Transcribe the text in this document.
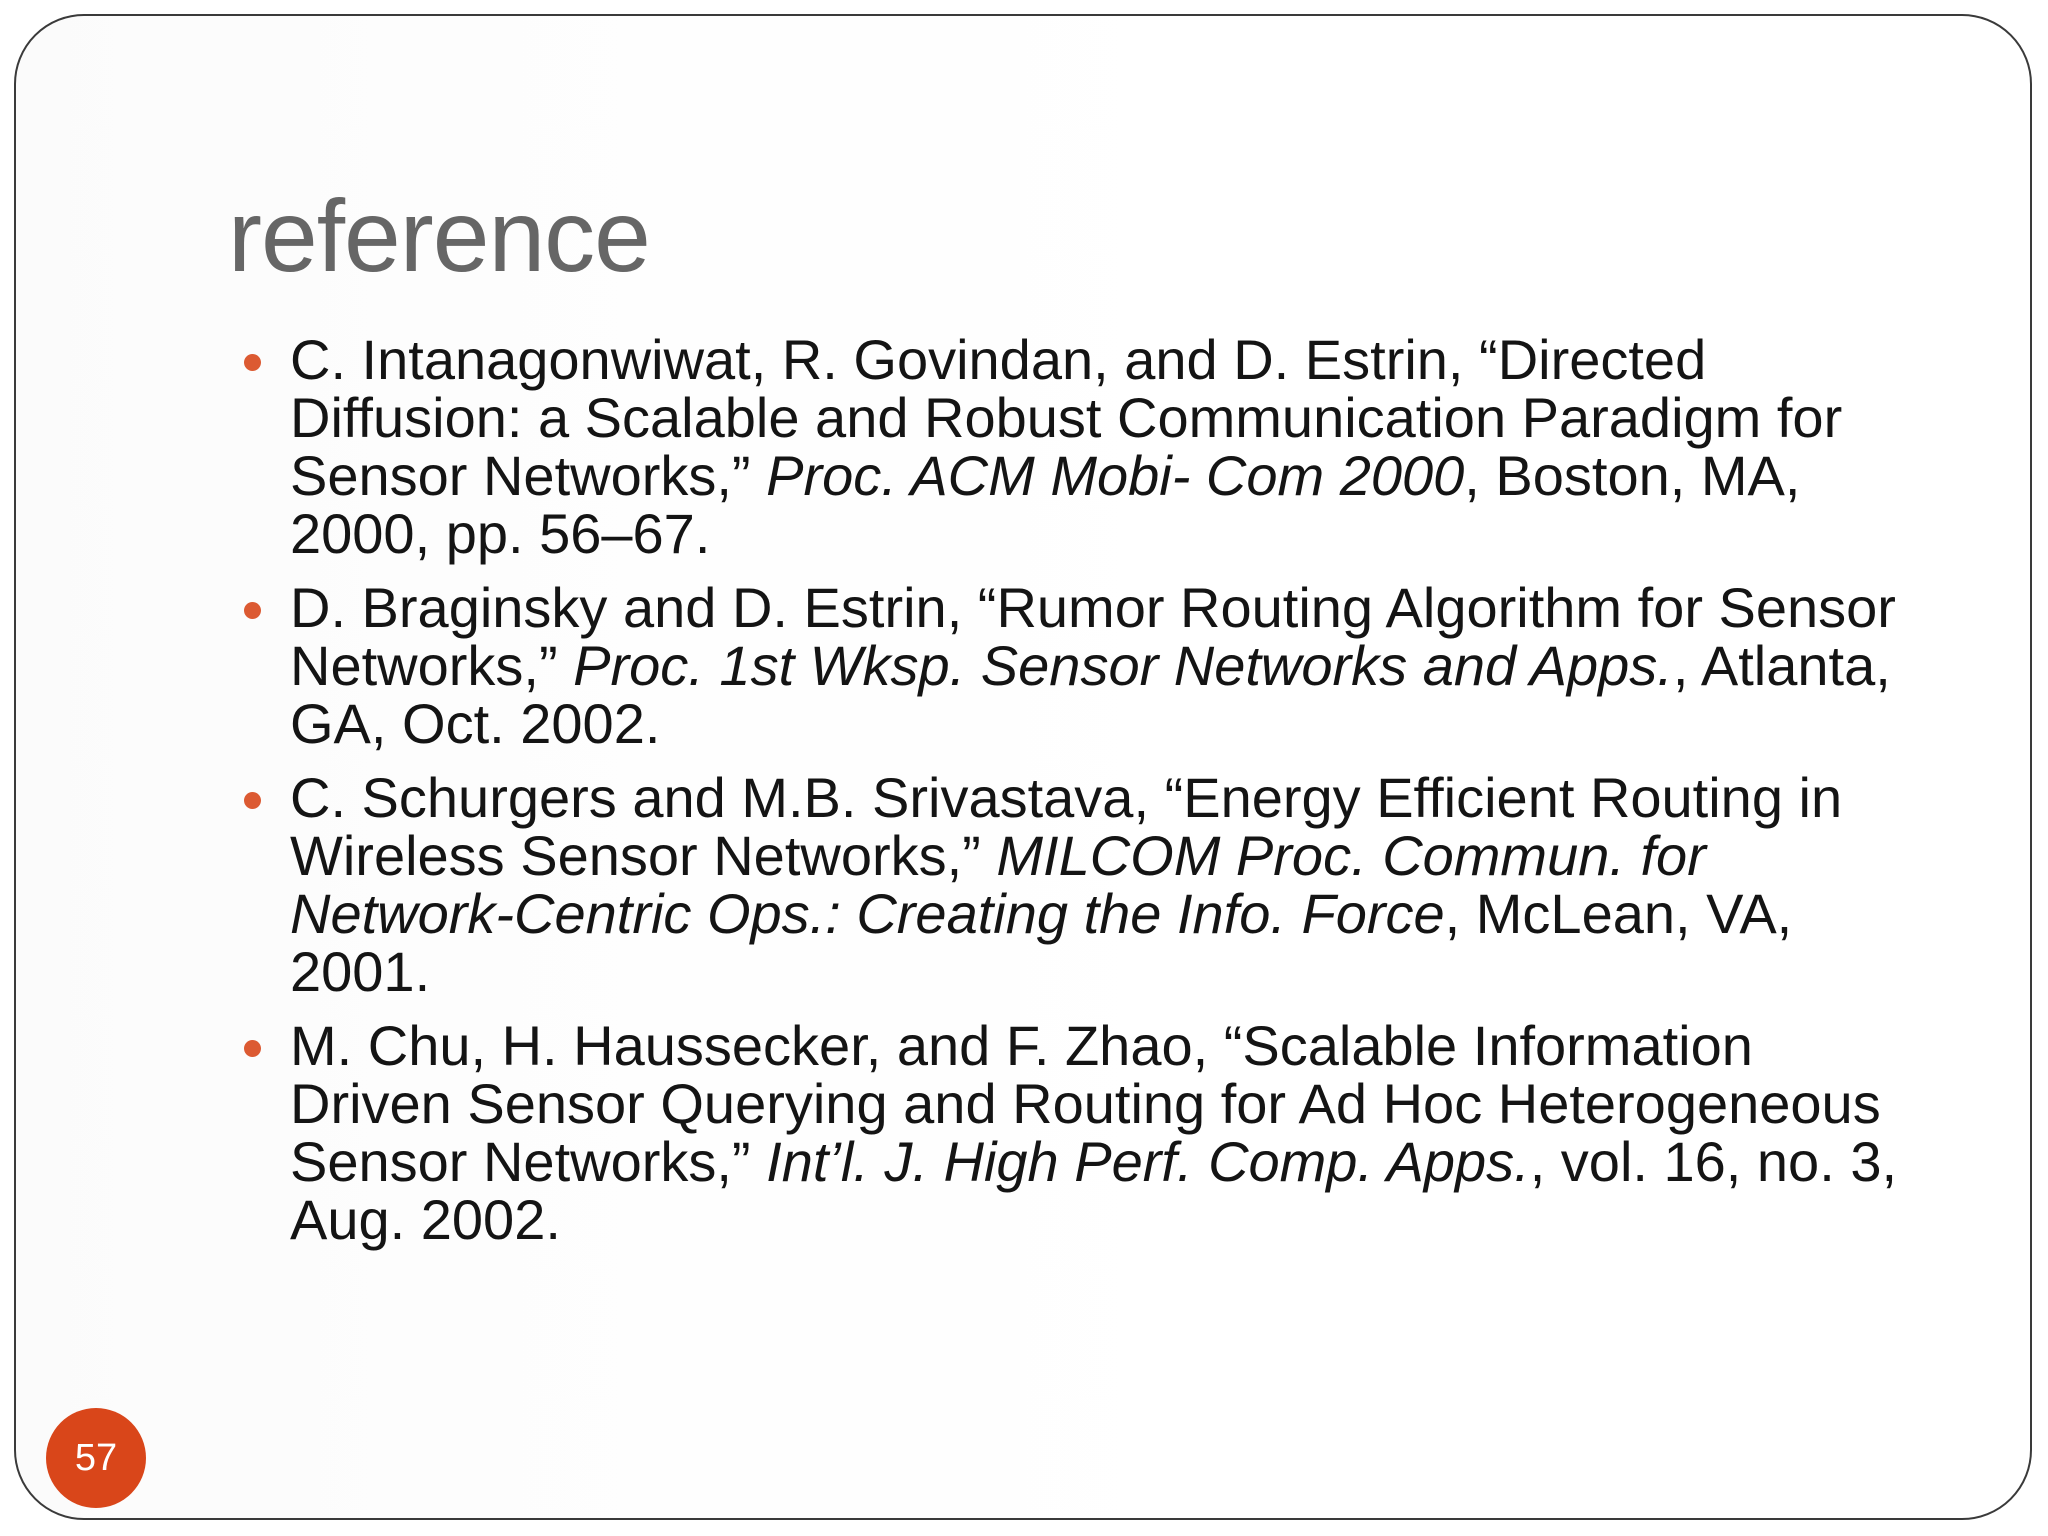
reference
C. Intanagonwiwat, R. Govindan, and D. Estrin, “Directed Diffusion: a Scalable and Robust Communication Paradigm for Sensor Networks,” Proc. ACM Mobi- Com 2000, Boston, MA, 2000, pp. 56–67.
D. Braginsky and D. Estrin, “Rumor Routing Algorithm for Sensor Networks,” Proc. 1st Wksp. Sensor Networks and Apps., Atlanta, GA, Oct. 2002.
C. Schurgers and M.B. Srivastava, “Energy Efficient Routing in Wireless Sensor Networks,” MILCOM Proc. Commun. for Network-Centric Ops.: Creating the Info. Force, McLean, VA, 2001.
M. Chu, H. Haussecker, and F. Zhao, “Scalable Information Driven Sensor Querying and Routing for Ad Hoc Heterogeneous Sensor Networks,” Int’l. J. High Perf. Comp. Apps., vol. 16, no. 3, Aug. 2002.
57
